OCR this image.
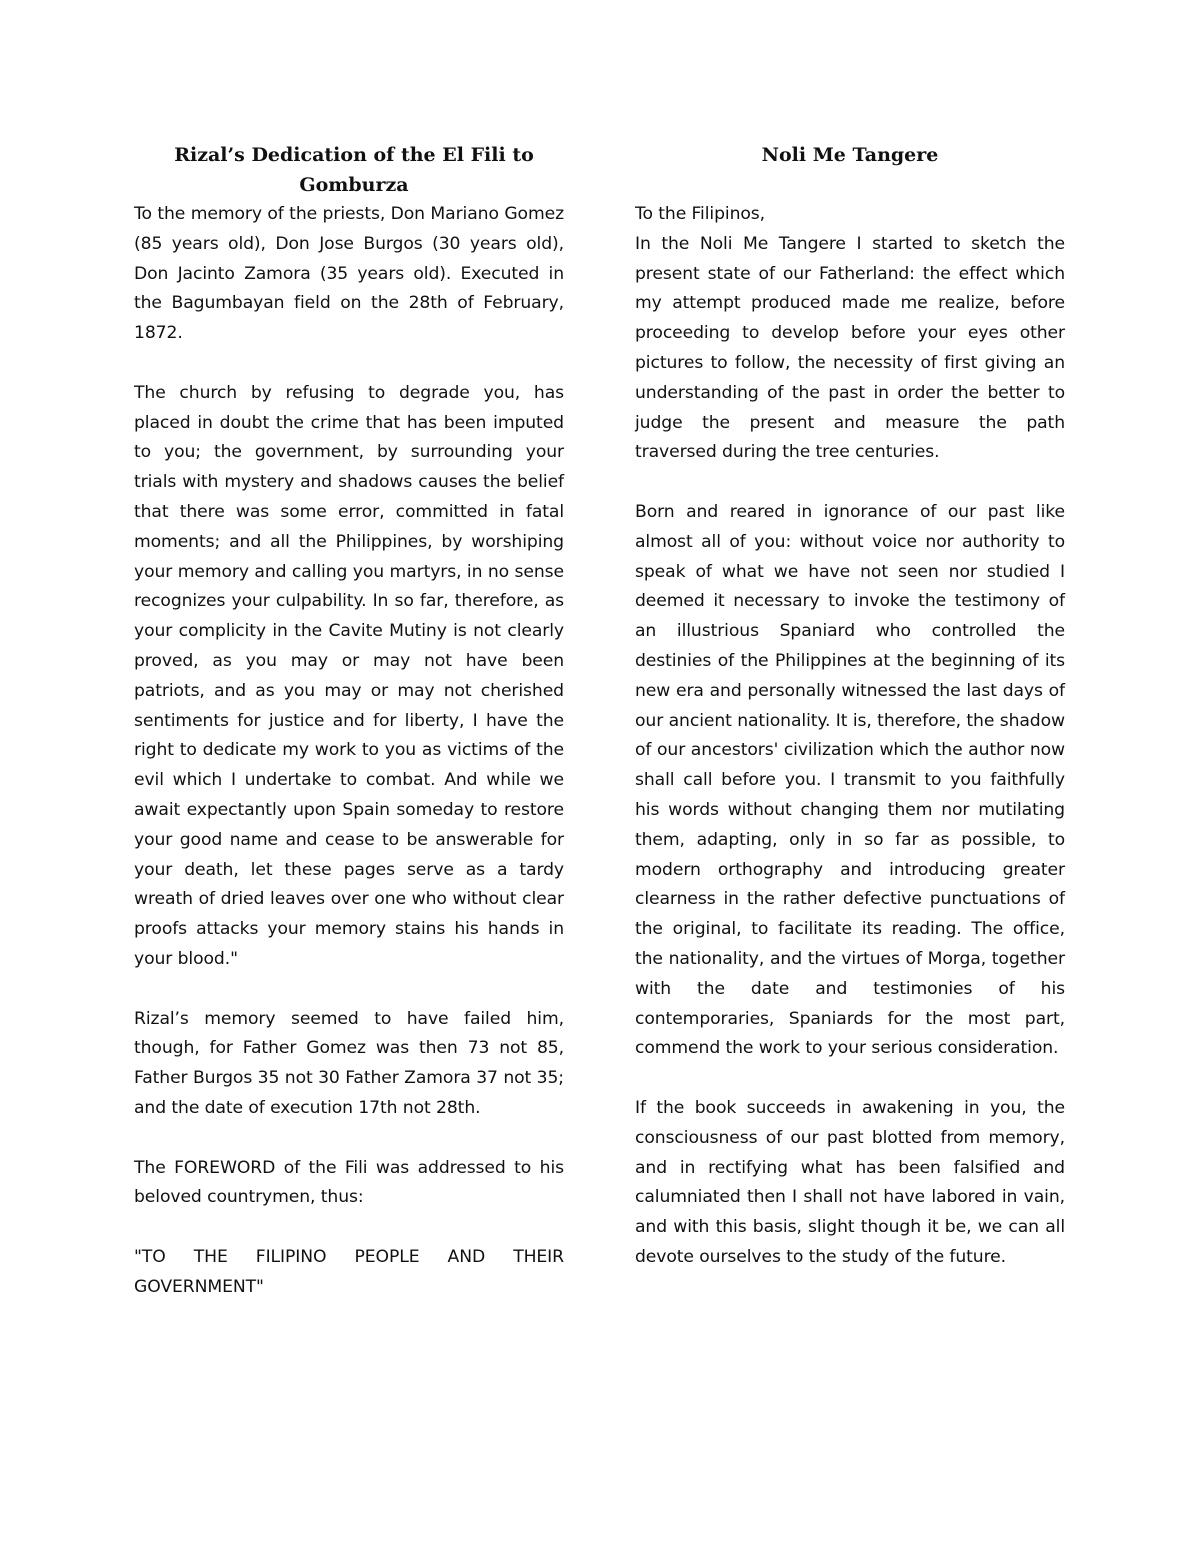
Rizal’s Dedication of the El Fili to Gomburza

To the memory of the priests, Don Mariano Gomez (85 years old), Don Jose Burgos (30 years old), Don Jacinto Zamora (35 years old). Executed in the Bagumbayan field on the 28th of February, 1872.

The church by refusing to degrade you, has placed in doubt the crime that has been imputed to you; the government, by surrounding your trials with mystery and shadows causes the belief that there was some error, committed in fatal moments; and all the Philippines, by worshiping your memory and calling you martyrs, in no sense recognizes your culpability. In so far, therefore, as your complicity in the Cavite Mutiny is not clearly proved, as you may or may not have been patriots, and as you may or may not cherished sentiments for justice and for liberty, I have the right to dedicate my work to you as victims of the evil which I undertake to combat. And while we await expectantly upon Spain someday to restore your good name and cease to be answerable for your death, let these pages serve as a tardy wreath of dried leaves over one who without clear proofs attacks your memory stains his hands in your blood."

Rizal’s memory seemed to have failed him, though, for Father Gomez was then 73 not 85, Father Burgos 35 not 30 Father Zamora 37 not 35; and the date of execution 17th not 28th.

The FOREWORD of the Fili was addressed to his beloved countrymen, thus:

"TO THE FILIPINO PEOPLE AND THEIR GOVERNMENT"

Noli Me Tangere

To the Filipinos,
In the Noli Me Tangere I started to sketch the present state of our Fatherland: the effect which my attempt produced made me realize, before proceeding to develop before your eyes other pictures to follow, the necessity of first giving an understanding of the past in order the better to judge the present and measure the path traversed during the tree centuries.

Born and reared in ignorance of our past like almost all of you: without voice nor authority to speak of what we have not seen nor studied I deemed it necessary to invoke the testimony of an illustrious Spaniard who controlled the destinies of the Philippines at the beginning of its new era and personally witnessed the last days of our ancient nationality. It is, therefore, the shadow of our ancestors' civilization which the author now shall call before you. I transmit to you faithfully his words without changing them nor mutilating them, adapting, only in so far as possible, to modern orthography and introducing greater clearness in the rather defective punctuations of the original, to facilitate its reading. The office, the nationality, and the virtues of Morga, together with the date and testimonies of his contemporaries, Spaniards for the most part, commend the work to your serious consideration.

If the book succeeds in awakening in you, the consciousness of our past blotted from memory, and in rectifying what has been falsified and calumniated then I shall not have labored in vain, and with this basis, slight though it be, we can all devote ourselves to the study of the future.
